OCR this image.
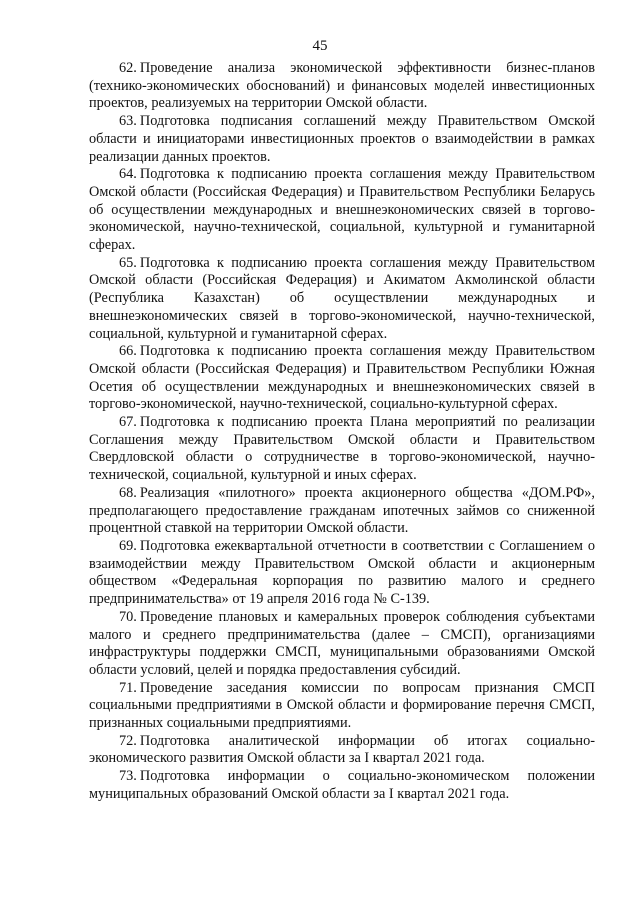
45

62. Проведение анализа экономической эффективности бизнес-планов (технико-экономических обоснований) и финансовых моделей инвестиционных проектов, реализуемых на территории Омской области.

63. Подготовка подписания соглашений между Правительством Омской области и инициаторами инвестиционных проектов о взаимодействии в рамках реализации данных проектов.

64. Подготовка к подписанию проекта соглашения между Правительством Омской области (Российская Федерация) и Правительством Республики Беларусь об осуществлении международных и внешнеэкономических связей в торгово-экономической, научно-технической, социальной, культурной и гуманитарной сферах.

65. Подготовка к подписанию проекта соглашения между Правительством Омской области (Российская Федерация) и Акиматом Акмолинской области (Республика Казахстан) об осуществлении международных и внешнеэкономических связей в торгово-экономической, научно-технической, социальной, культурной и гуманитарной сферах.

66. Подготовка к подписанию проекта соглашения между Правительством Омской области (Российская Федерация) и Правительством Республики Южная Осетия об осуществлении международных и внешнеэкономических связей в торгово-экономической, научно-технической, социально-культурной сферах.

67. Подготовка к подписанию проекта Плана мероприятий по реализации Соглашения между Правительством Омской области и Правительством Свердловской области о сотрудничестве в торгово-экономической, научно-технической, социальной, культурной и иных сферах.

68. Реализация «пилотного» проекта акционерного общества «ДОМ.РФ», предполагающего предоставление гражданам ипотечных займов со сниженной процентной ставкой на территории Омской области.

69. Подготовка ежеквартальной отчетности в соответствии с Соглашением о взаимодействии между Правительством Омской области и акционерным обществом «Федеральная корпорация по развитию малого и среднего предпринимательства» от 19 апреля 2016 года № С-139.

70. Проведение плановых и камеральных проверок соблюдения субъектами малого и среднего предпринимательства (далее – СМСП), организациями инфраструктуры поддержки СМСП, муниципальными образованиями Омской области условий, целей и порядка предоставления субсидий.

71. Проведение заседания комиссии по вопросам признания СМСП социальными предприятиями в Омской области и формирование перечня СМСП, признанных социальными предприятиями.

72. Подготовка аналитической информации об итогах социально-экономического развития Омской области за I квартал 2021 года.

73. Подготовка информации о социально-экономическом положении муниципальных образований Омской области за I квартал 2021 года.
